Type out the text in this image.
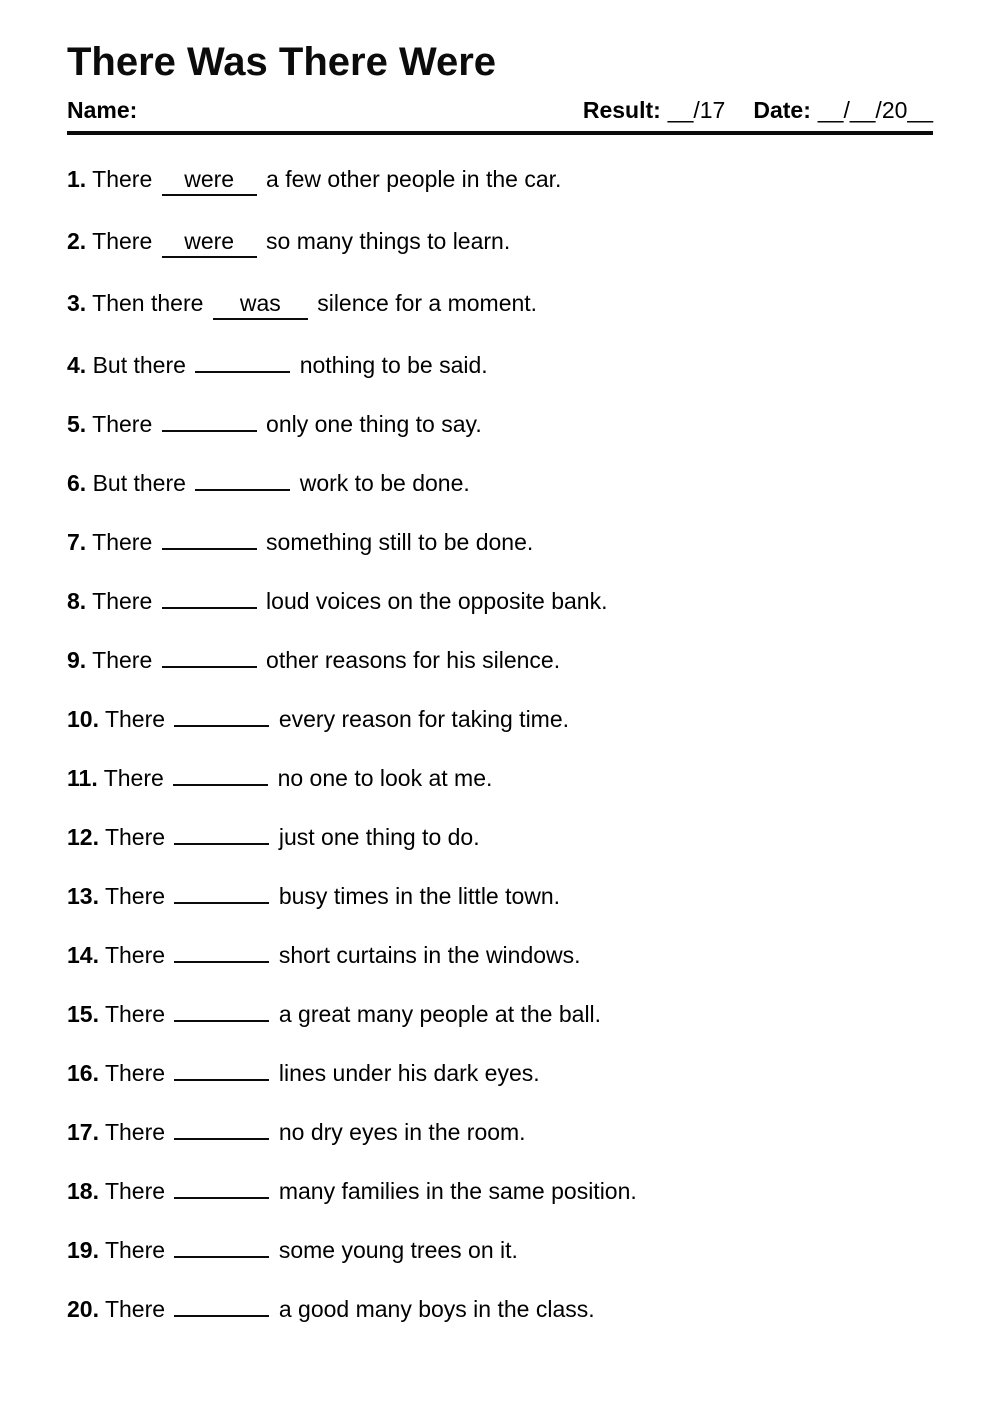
There Was There Were
Name:	Result: __/17 Date: __/__/20__
1. There were a few other people in the car.
2. There were so many things to learn.
3. Then there was silence for a moment.
4. But there	nothing to be said.
5. There	only one thing to say.
6. But there	work to be done.
7. There	something still to be done.
8. There	loud voices on the opposite bank.
9. There	other reasons for his silence.
10. There	every reason for taking time.
11. There	no one to look at me.
12. There	just one thing to do.
13. There	busy times in the little town.
14. There	short curtains in the windows.
15. There	a great many people at the ball.
16. There	lines under his dark eyes.
17. There	no dry eyes in the room.
18. There	many families in the same position.
19. There	some young trees on it.
20. There	a good many boys in the class.
